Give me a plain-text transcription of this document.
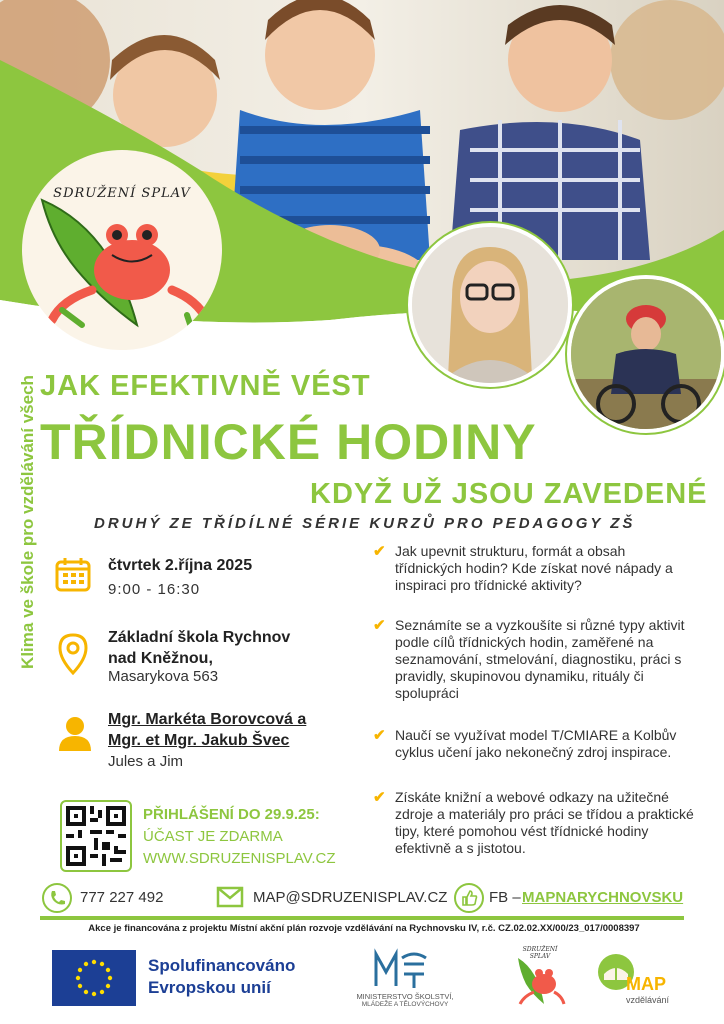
SDRUŽENÍ SPLAV
Klima ve škole pro vzdělávání všech JAK EFEKTIVNĚ VÉST
TŘÍDNICKÉ HODINY
KDYŽ UŽ JSOU ZAVEDENÉ
DRUHÝ ZE TŘÍDÍLNÉ SÉRIE KURZŮ PRO PEDAGOGY ZŠ
čtvrtek 2.října 2025
9:00 - 16:30
Základní škola Rychnov
nad Kněžnou,
Masarykova 563
Mgr. Markéta Borovcová a
Mgr. et Mgr. Jakub Švec
Jules a Jim
PŘIHLÁŠENÍ DO 29.9.25:
ÚČAST JE ZDARMA
WWW.SDRUZENISPLAV.CZ
✔ Jak upevnit strukturu, formát a obsah třídnických hodin? Kde získat nové nápady a inspiraci pro třídnické aktivity?
✔ Seznámíte se a vyzkoušíte si různé typy aktivit podle cílů třídnických hodin, zaměřené na seznamování, stmelování, diagnostiku, práci s pravidly, skupinovou dynamiku, rituály či spolupráci
✔ Naučí se využívat model T/CMIARE a Kolbův cyklus učení jako nekonečný zdroj inspirace.
✔ Získáte knižní a webové odkazy na užitečné zdroje a materiály pro práci se třídou a praktické tipy, které pomohou vést třídnické hodiny efektivně a s jistotou.
777 227 492	MAP@SDRUZENISPLAV.CZ	FB – MAPNARYCHNOVSKU
Akce je financována z projektu Místní akční plán rozvoje vzdělávání na Rychnovsku IV, r.č. CZ.02.02.XX/00/23_017/0008397
Spolufinancováno
Evropskou unií	MINISTERSTVO ŠKOLSTVÍ,
MLÁDEŽE A TĚLOVÝCHOVY
SDRUŽENÍ SPLAV
MAP
vzdělávání
